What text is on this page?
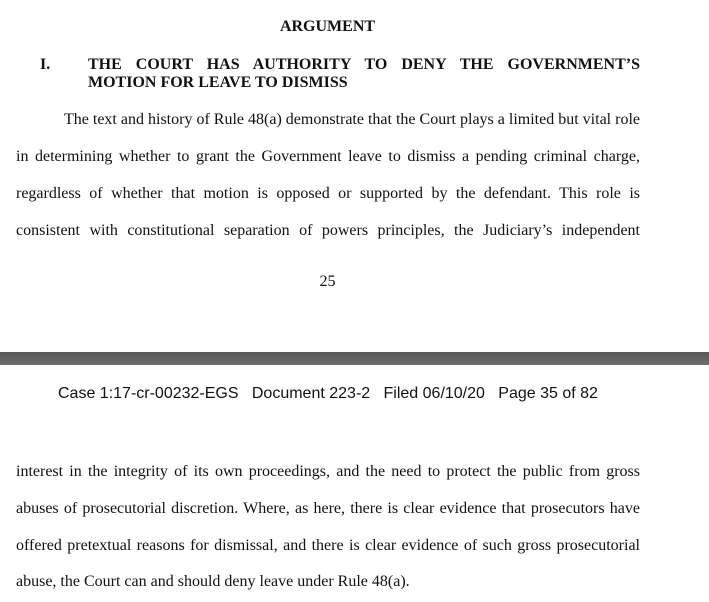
ARGUMENT
I. THE COURT HAS AUTHORITY TO DENY THE GOVERNMENT’S
MOTION FOR LEAVE TO DISMISS
The text and history of Rule 48(a) demonstrate that the Court plays a limited but vital role
in determining whether to grant the Government leave to dismiss a pending criminal charge,
regardless of whether that motion is opposed or supported by the defendant. This role is
consistent with constitutional separation of powers principles, the Judiciary’s independent
25
Case 1:17-cr-00232-EGS Document 223-2 Filed 06/10/20 Page 35 of 82
interest in the integrity of its own proceedings, and the need to protect the public from gross
abuses of prosecutorial discretion. Where, as here, there is clear evidence that prosecutors have
offered pretextual reasons for dismissal, and there is clear evidence of such gross prosecutorial
abuse, the Court can and should deny leave under Rule 48(a).
